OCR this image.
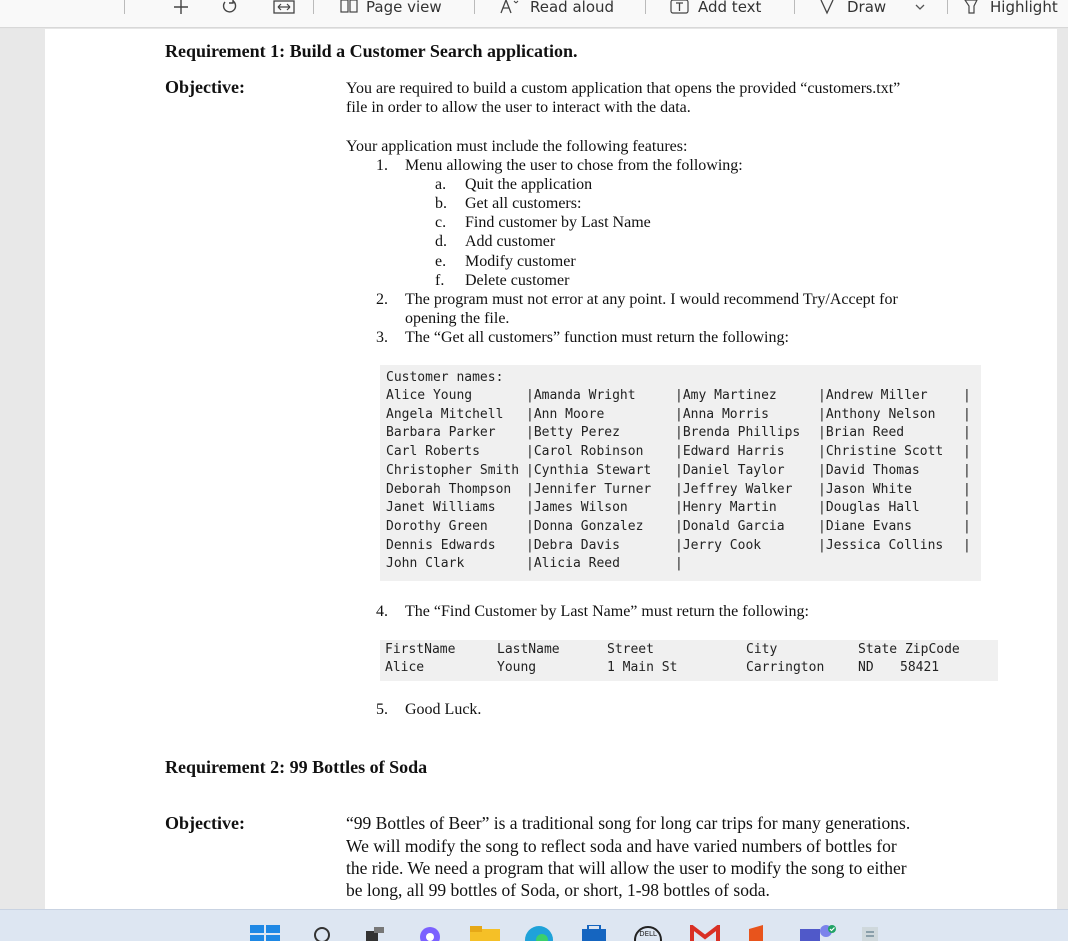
Page view	Read aloud	Add text	Draw	Highlight
Requirement 1: Build a Customer Search application.
Objective:	You are required to build a custom application that opens the provided “customers.txt”
file in order to allow the user to interact with the data.
Your application must include the following features:
1. Menu allowing the user to chose from the following:
a. Quit the application
b. Get all customers:
c. Find customer by Last Name
d. Add customer
e. Modify customer
f. Delete customer
2. The program must not error at any point. I would recommend Try/Accept for
opening the file.
3. The “Get all customers” function must return the following:
Customer names:
Alice Young	|Amanda Wright	|Amy Martinez	|Andrew Miller	|
Angela Mitchell |Ann Moore	|Anna Morris	|Anthony Nelson |
Barbara Parker |Betty Perez	|Brenda Phillips |Brian Reed	|
Carl Roberts	|Carol Robinson |Edward Harris	|Christine Scott |
Christopher Smith |Cynthia Stewart |Daniel Taylor	|David Thomas	|
Deborah Thompson |Jennifer Turner |Jeffrey Walker |Jason White	|
Janet Williams |James Wilson	|Henry Martin	|Douglas Hall	|
Dorothy Green	|Donna Gonzalez |Donald Garcia	|Diane Evans	|
Dennis Edwards |Debra Davis	|Jerry Cook	|Jessica Collins |
John Clark	|Alicia Reed	|
4. The “Find Customer by Last Name” must return the following:
FirstName	LastName	Street	City	State ZipCode
Alice	Young	1 Main St	Carrington	ND 58421
5. Good Luck.
Requirement 2: 99 Bottles of Soda
Objective:	“99 Bottles of Beer” is a traditional song for long car trips for many generations.
We will modify the song to reflect soda and have varied numbers of bottles for
the ride. We need a program that will allow the user to modify the song to either
be long, all 99 bottles of Soda, or short, 1-98 bottles of soda.
DELL
